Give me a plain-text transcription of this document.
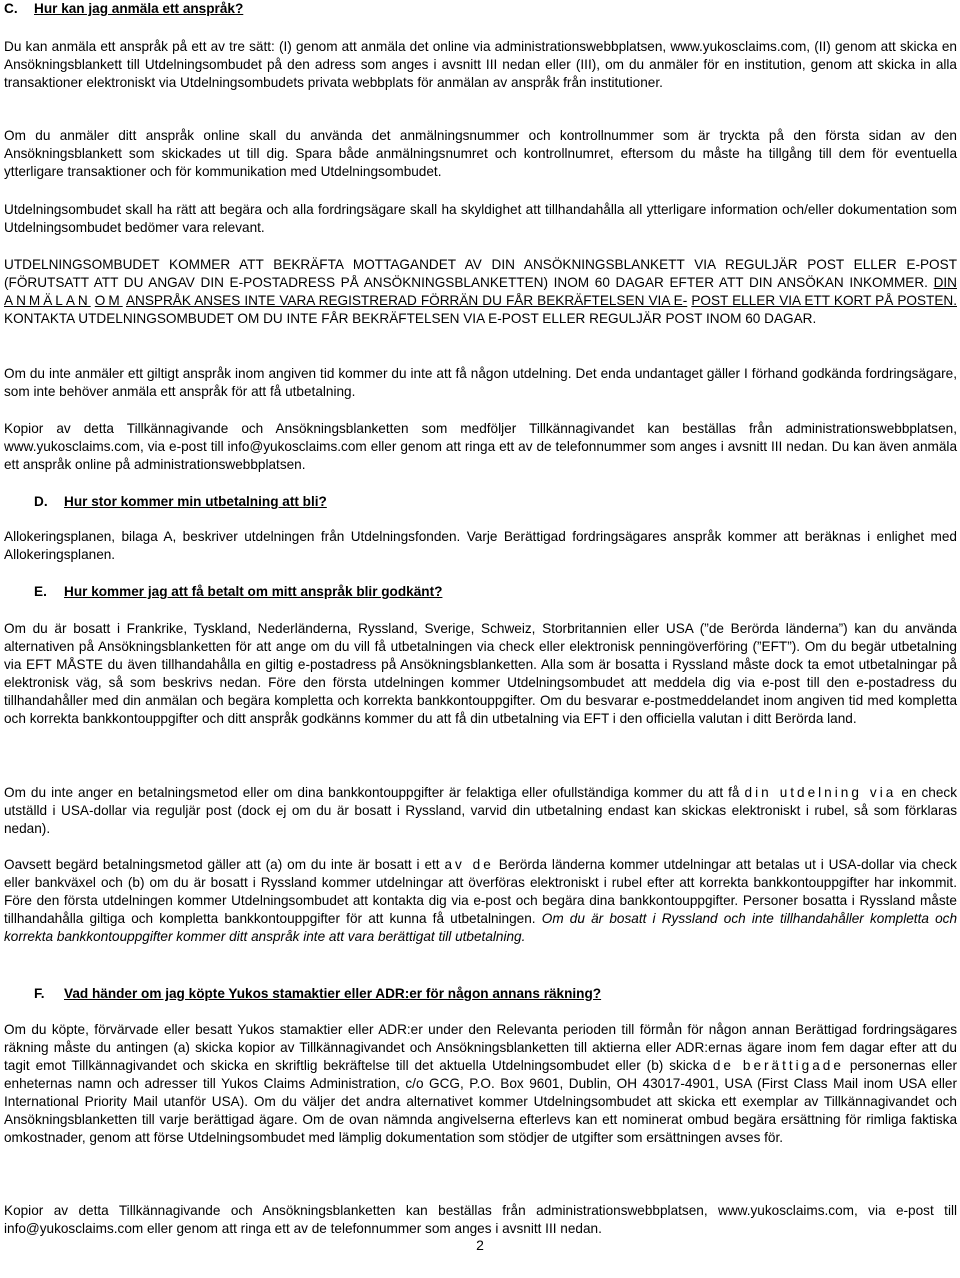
C. Hur kan jag anmäla ett anspråk?

Du kan anmäla ett anspråk på ett av tre sätt: (I) genom att anmäla det online via administrationswebbplatsen, www.yukosclaims.com, (II) genom att skicka en Ansökningsblankett till Utdelningsombudet på den adress som anges i avsnitt III nedan eller (III), om du anmäler för en institution, genom att skicka in alla transaktioner elektroniskt via Utdelningsombudets privata webbplats för anmälan av anspråk från institutioner.

Om du anmäler ditt anspråk online skall du använda det anmälningsnummer och kontrollnummer som är tryckta på den första sidan av den Ansökningsblankett som skickades ut till dig. Spara både anmälningsnumret och kontrollnumret, eftersom du måste ha tillgång till dem för eventuella ytterligare transaktioner och för kommunikation med Utdelningsombudet.

Utdelningsombudet skall ha rätt att begära och alla fordringsägare skall ha skyldighet att tillhandahålla all ytterligare information och/eller dokumentation som Utdelningsombudet bedömer vara relevant.

UTDELNINGSOMBUDET KOMMER ATT BEKRÄFTA MOTTAGANDET AV DIN ANSÖKNINGSBLANKETT VIA REGULJÄR POST ELLER E-POST (FÖRUTSATT ATT DU ANGAV DIN E-POSTADRESS PÅ ANSÖKNINGSBLANKETTEN) INOM 60 DAGAR EFTER ATT DIN ANSÖKAN INKOMMER. DIN ANMÄLAN OM ANSPRÅK ANSES INTE VARA REGISTRERAD FÖRRÄN DU FÅR BEKRÄFTELSEN VIA E- POST ELLER VIA ETT KORT PÅ POSTEN. KONTAKTA UTDELNINGSOMBUDET OM DU INTE FÅR BEKRÄFTELSEN VIA E-POST ELLER REGULJÄR POST INOM 60 DAGAR.

Om du inte anmäler ett giltigt anspråk inom angiven tid kommer du inte att få någon utdelning. Det enda undantaget gäller I förhand godkända fordringsägare, som inte behöver anmäla ett anspråk för att få utbetalning.

Kopior av detta Tillkännagivande och Ansökningsblanketten som medföljer Tillkännagivandet kan beställas från administrationswebbplatsen, www.yukosclaims.com, via e-post till info@yukosclaims.com eller genom att ringa ett av de telefonnummer som anges i avsnitt III nedan. Du kan även anmäla ett anspråk online på administrationswebbplatsen.

D. Hur stor kommer min utbetalning att bli?

Allokeringsplanen, bilaga A, beskriver utdelningen från Utdelningsfonden. Varje Berättigad fordringsägares anspråk kommer att beräknas i enlighet med Allokeringsplanen.

E. Hur kommer jag att få betalt om mitt anspråk blir godkänt?

Om du är bosatt i Frankrike, Tyskland, Nederländerna, Ryssland, Sverige, Schweiz, Storbritannien eller USA (”de Berörda länderna”) kan du använda alternativen på Ansökningsblanketten för att ange om du vill få utbetalningen via check eller elektronisk penningöverföring (”EFT”). Om du begär utbetalning via EFT MÅSTE du även tillhandahålla en giltig e-postadress på Ansökningsblanketten. Alla som är bosatta i Ryssland måste dock ta emot utbetalningar på elektronisk väg, så som beskrivs nedan. Före den första utdelningen kommer Utdelningsombudet att meddela dig via e-post till den e-postadress du tillhandahåller med din anmälan och begära kompletta och korrekta bankkontouppgifter. Om du besvarar e-postmeddelandet inom angiven tid med kompletta och korrekta bankkontouppgifter och ditt anspråk godkänns kommer du att få din utbetalning via EFT i den officiella valutan i ditt Berörda land.

Om du inte anger en betalningsmetod eller om dina bankkontouppgifter är felaktiga eller ofullständiga kommer du att få din utdelning via en check utställd i USA-dollar via reguljär post (dock ej om du är bosatt i Ryssland, varvid din utbetalning endast kan skickas elektroniskt i rubel, så som förklaras nedan).

Oavsett begärd betalningsmetod gäller att (a) om du inte är bosatt i ett av de Berörda länderna kommer utdelningar att betalas ut i USA-dollar via check eller bankväxel och (b) om du är bosatt i Ryssland kommer utdelningar att överföras elektroniskt i rubel efter att korrekta bankkontouppgifter har inkommit. Före den första utdelningen kommer Utdelningsombudet att kontakta dig via e-post och begära dina bankkontouppgifter. Personer bosatta i Ryssland måste tillhandahålla giltiga och kompletta bankkontouppgifter för att kunna få utbetalningen. Om du är bosatt i Ryssland och inte tillhandahåller kompletta och korrekta bankkontouppgifter kommer ditt anspråk inte att vara berättigat till utbetalning.

F. Vad händer om jag köpte Yukos stamaktier eller ADR:er för någon annans räkning?

Om du köpte, förvärvade eller besatt Yukos stamaktier eller ADR:er under den Relevanta perioden till förmån för någon annan Berättigad fordringsägares räkning måste du antingen (a) skicka kopior av Tillkännagivandet och Ansökningsblanketten till aktierna eller ADR:ernas ägare inom fem dagar efter att du tagit emot Tillkännagivandet och skicka en skriftlig bekräftelse till det aktuella Utdelningsombudet eller (b) skicka de berättigade personernas eller enheternas namn och adresser till Yukos Claims Administration, c/o GCG, P.O. Box 9601, Dublin, OH 43017-4901, USA (First Class Mail inom USA eller International Priority Mail utanför USA). Om du väljer det andra alternativet kommer Utdelningsombudet att skicka ett exemplar av Tillkännagivandet och Ansökningsblanketten till varje berättigad ägare. Om de ovan nämnda angivelserna efterlevs kan ett nominerat ombud begära ersättning för rimliga faktiska omkostnader, genom att förse Utdelningsombudet med lämplig dokumentation som stödjer de utgifter som ersättningen avses för.

Kopior av detta Tillkännagivande och Ansökningsblanketten kan beställas från administrationswebbplatsen, www.yukosclaims.com, via e-post till info@yukosclaims.com eller genom att ringa ett av de telefonnummer som anges i avsnitt III nedan.

2
